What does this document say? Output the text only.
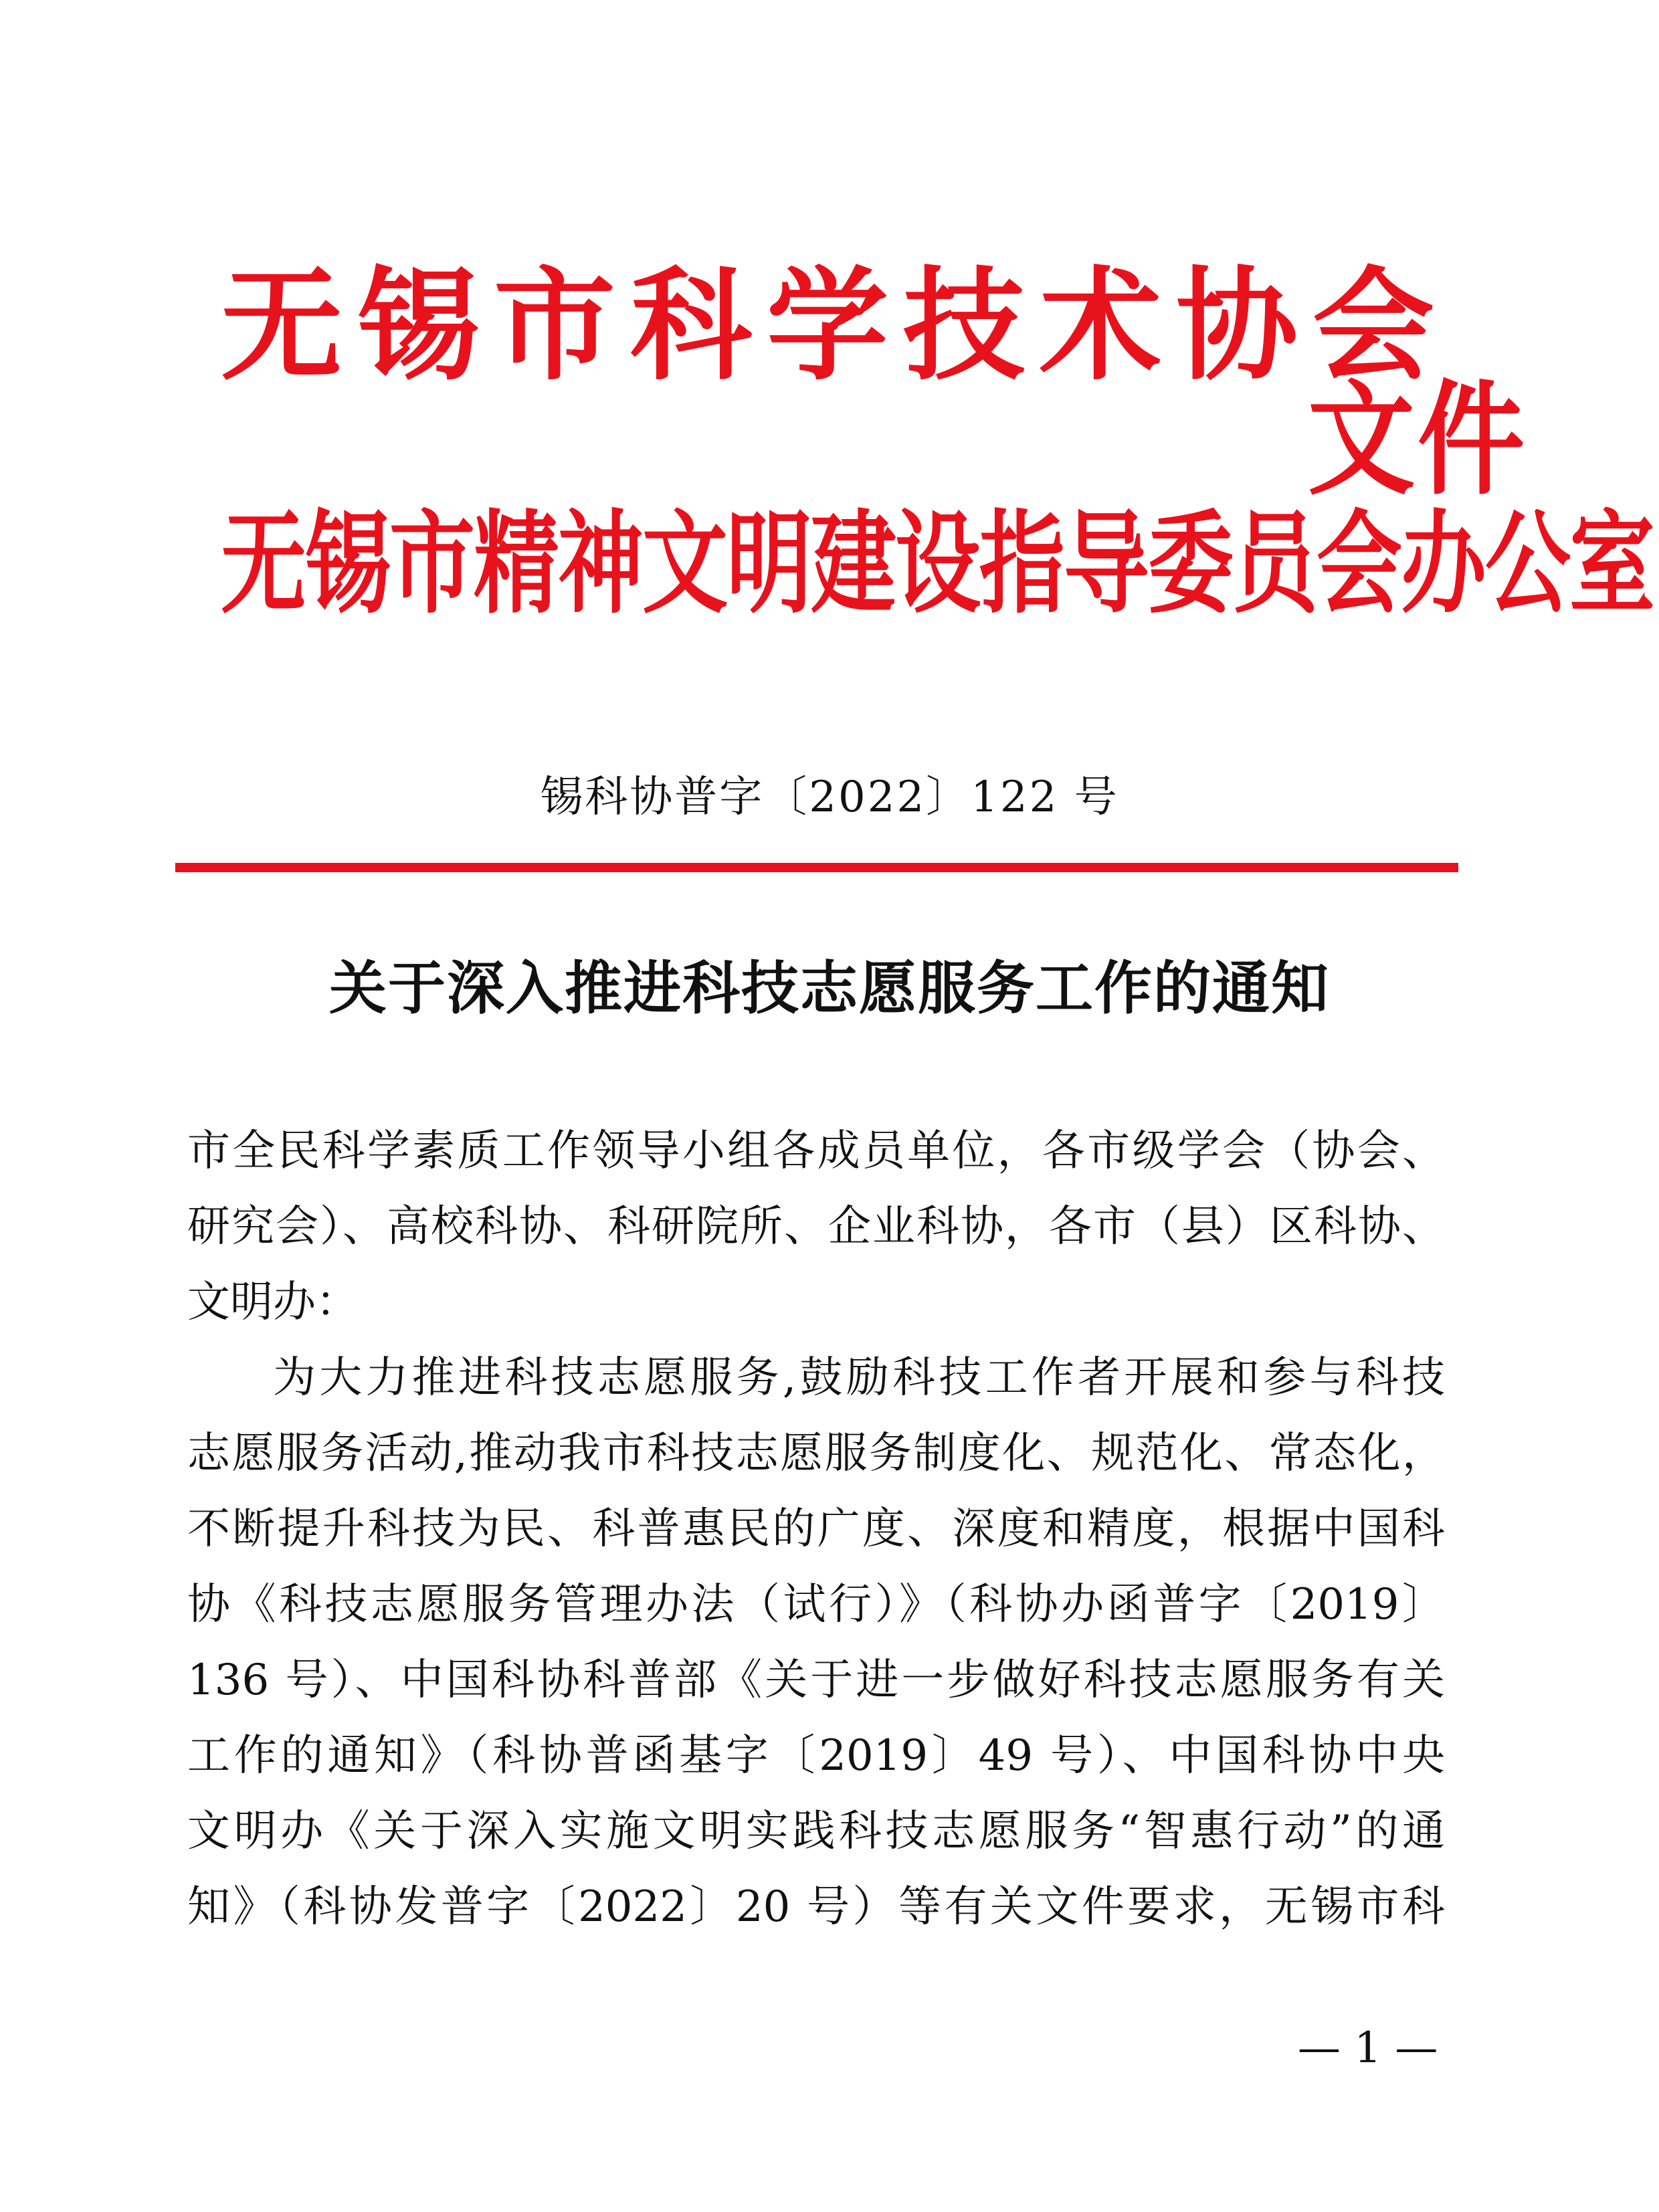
无锡市科学技术协会
无锡市精神文明建设指导委员会办公室
文件
锡科协普字〔2022〕122 号
关于深入推进科技志愿服务工作的通知
市全民科学素质工作领导小组各成员单位，各市级学会（协会、
研究会）、高校科协、科研院所、企业科协，各市（县）区科协、
文明办：
为大力推进科技志愿服务,鼓励科技工作者开展和参与科技
志愿服务活动,推动我市科技志愿服务制度化、规范化、常态化，
不断提升科技为民、科普惠民的广度、深度和精度，根据中国科
协《科技志愿服务管理办法（试行）》（科协办函普字〔2019〕
136 号）、中国科协科普部《关于进一步做好科技志愿服务有关
工作的通知》（科协普函基字〔2019〕49 号）、中国科协中央
文明办《关于深入实施文明实践科技志愿服务“智惠行动”的通
知》（科协发普字〔2022〕20 号）等有关文件要求，无锡市科
— 1 —
